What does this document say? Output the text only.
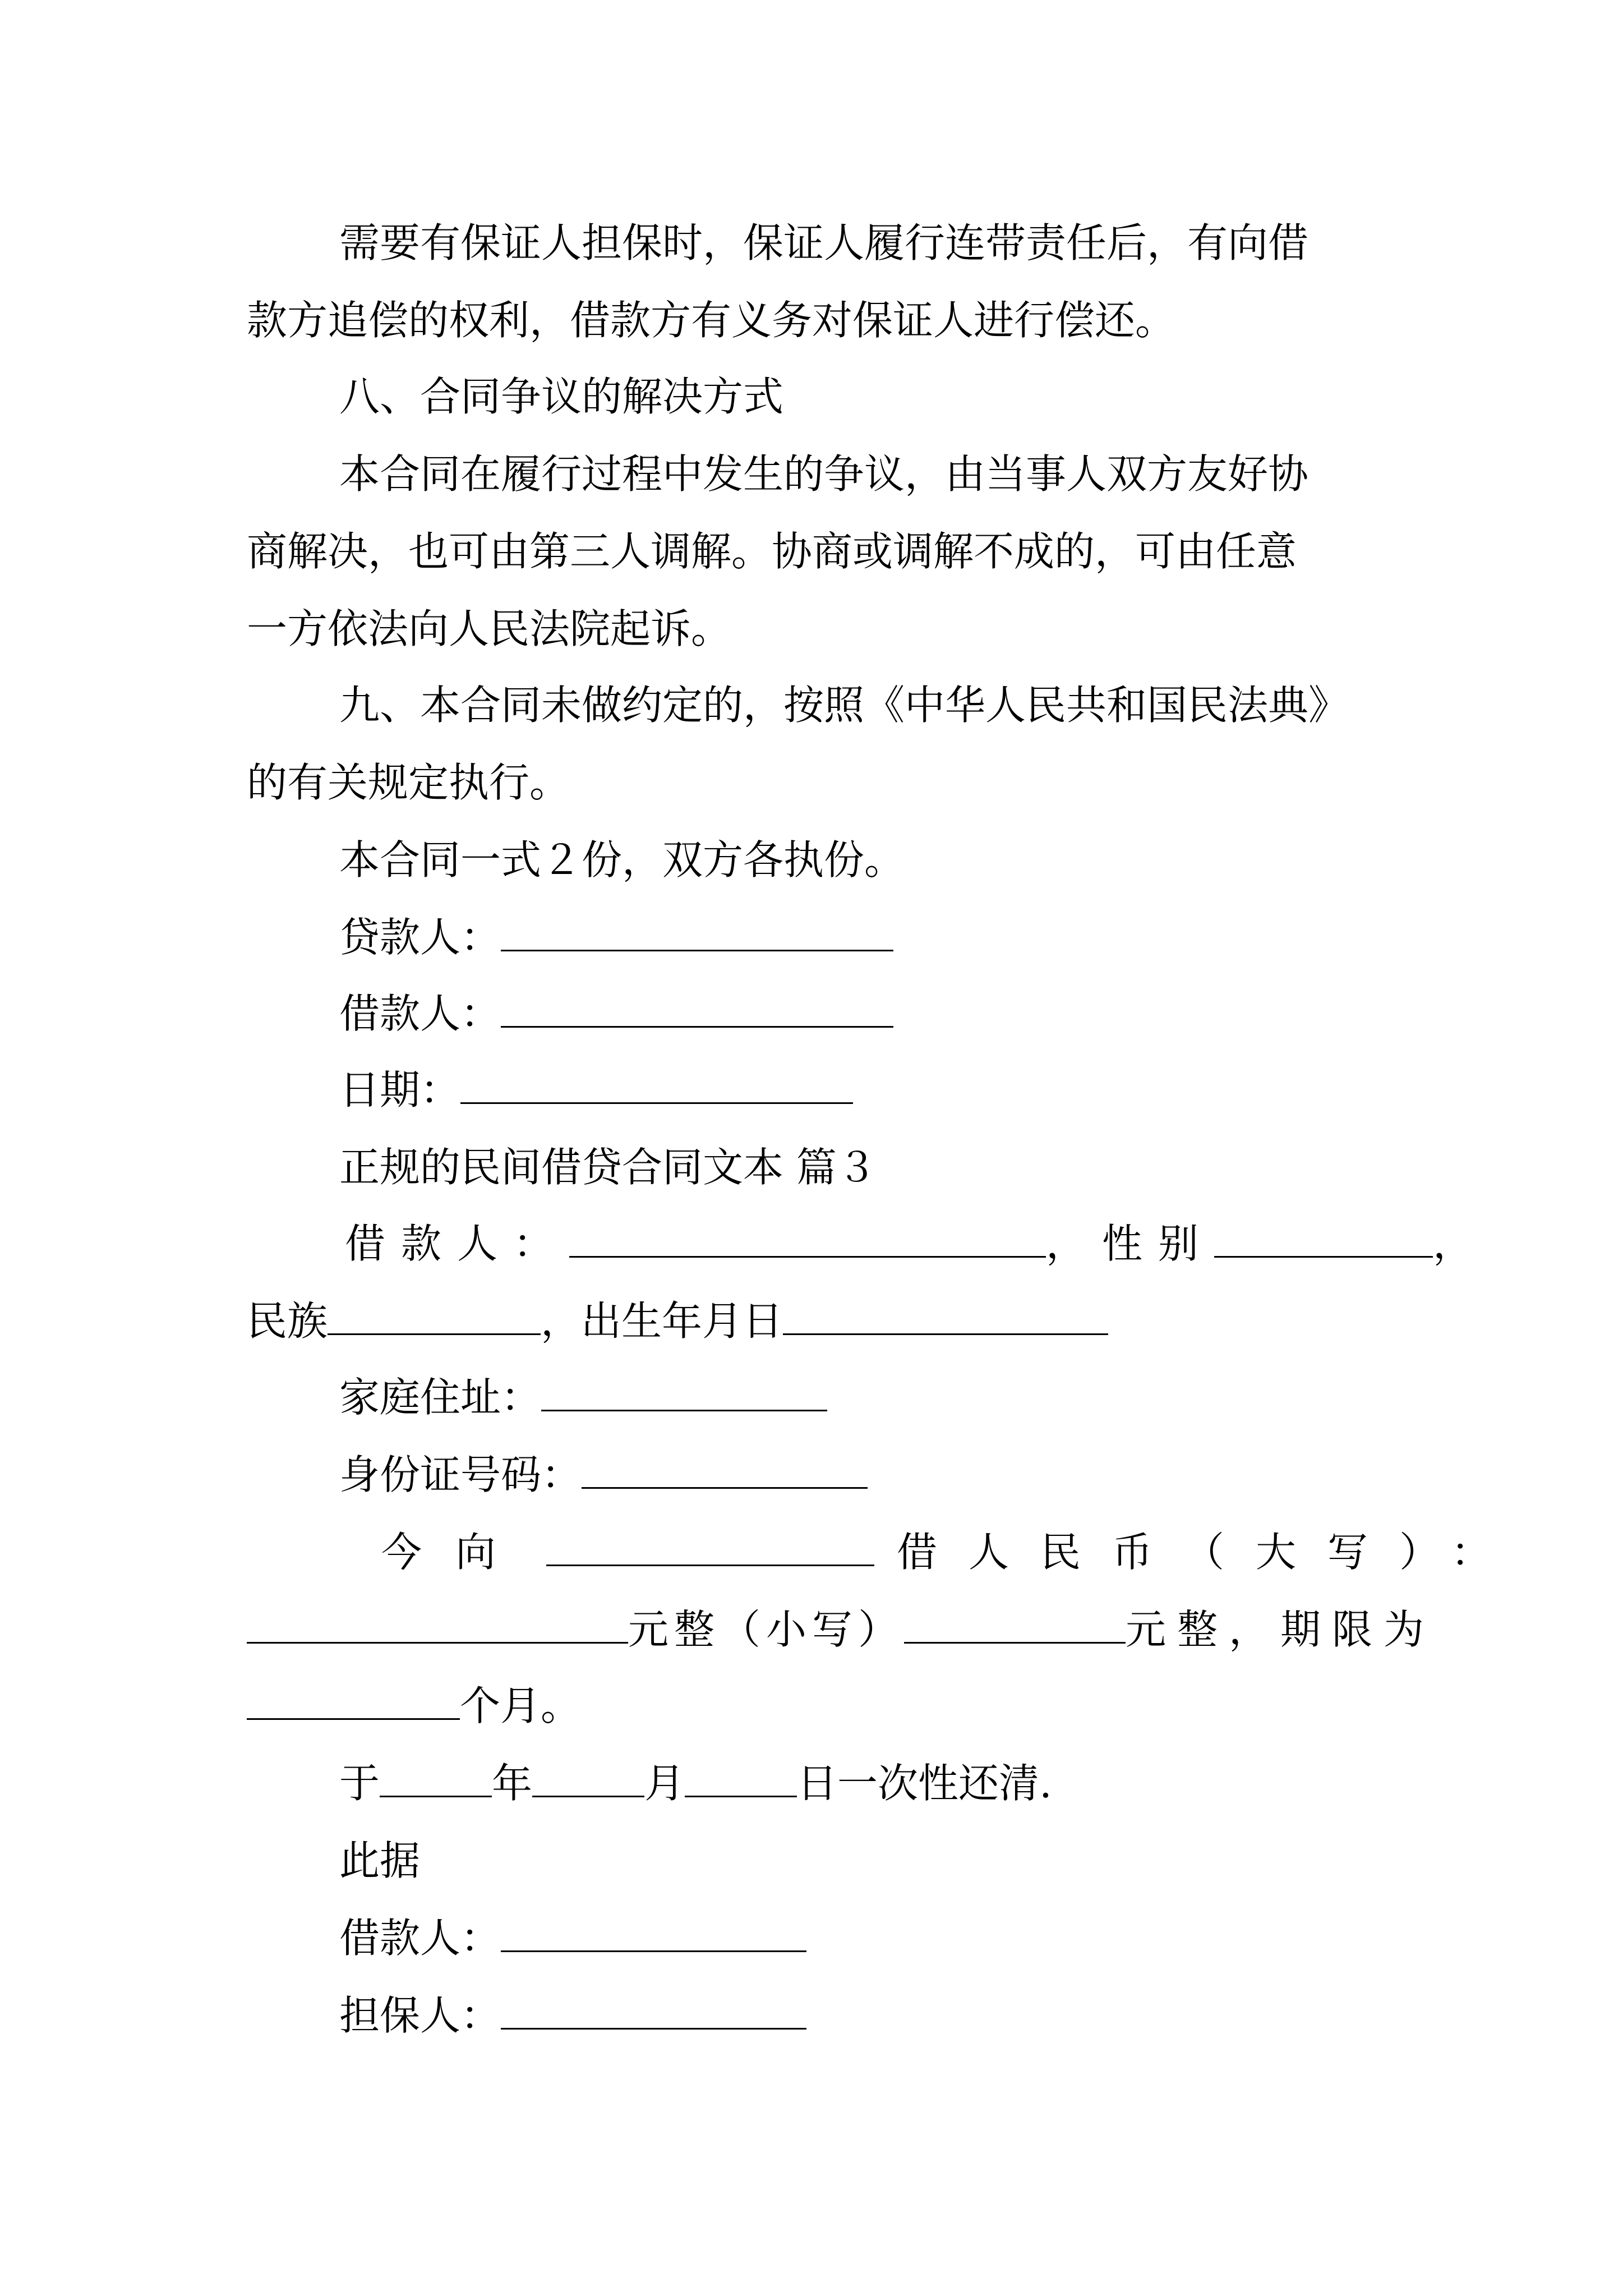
需要有保证人担保时，保证人履行连带责任后，有向借
款方追偿的权利，借款方有义务对保证人进行偿还。
八、合同争议的解决方式
本合同在履行过程中发生的争议，由当事人双方友好协
商解决，也可由第三人调解。协商或调解不成的，可由任意
一方依法向人民法院起诉。
九、本合同未做约定的，按照《中华人民共和国民法典》
的有关规定执行。
本合同一式２份，双方各执份。
贷款人：
借款人：
日期：
正规的民间借贷合同文本 篇３
借款人：	，性别	，
民族	，出生年月日
家庭住址：
身份证号码：
今向	借人民币（大写）：
元整（小写）	元整，期限为
个月。
于	年	月	日一次性还清.
此据
借款人：
担保人：
